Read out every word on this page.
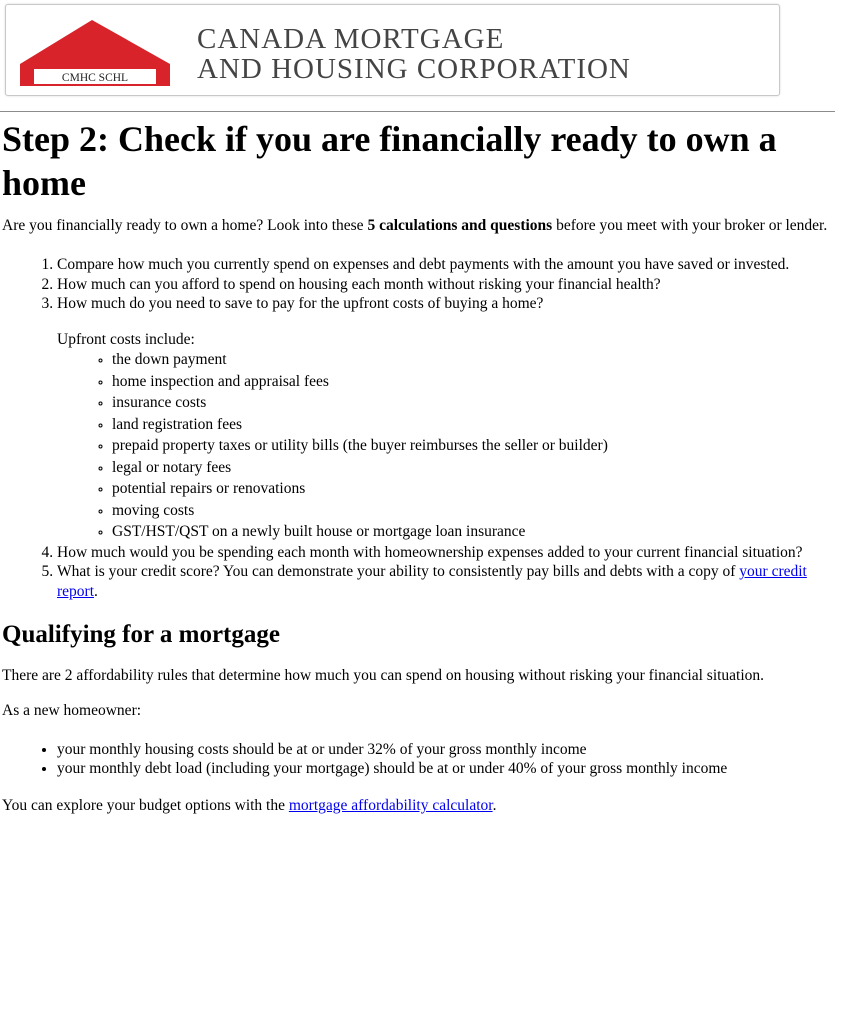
CMHC SCHL
CANADA MORTGAGE
AND HOUSING CORPORATION
Step 2: Check if you are financially ready to own a home

Are you financially ready to own a home? Look into these 5 calculations and questions before you meet with your broker or lender.

1. Compare how much you currently spend on expenses and debt payments with the amount you have saved or invested.
2. How much can you afford to spend on housing each month without risking your financial health?
3. How much do you need to save to pay for the upfront costs of buying a home?
Upfront costs include:
◦ the down payment
◦ home inspection and appraisal fees
◦ insurance costs
◦ land registration fees
◦ prepaid property taxes or utility bills (the buyer reimburses the seller or builder)
◦ legal or notary fees
◦ potential repairs or renovations
◦ moving costs
◦ GST/HST/QST on a newly built house or mortgage loan insurance
4. How much would you be spending each month with homeownership expenses added to your current financial situation?
5. What is your credit score? You can demonstrate your ability to consistently pay bills and debts with a copy of your credit report.
Qualifying for a mortgage

There are 2 affordability rules that determine how much you can spend on housing without risking your financial situation.

As a new homeowner:

• your monthly housing costs should be at or under 32% of your gross monthly income
• your monthly debt load (including your mortgage) should be at or under 40% of your gross monthly income

You can explore your budget options with the mortgage affordability calculator.
